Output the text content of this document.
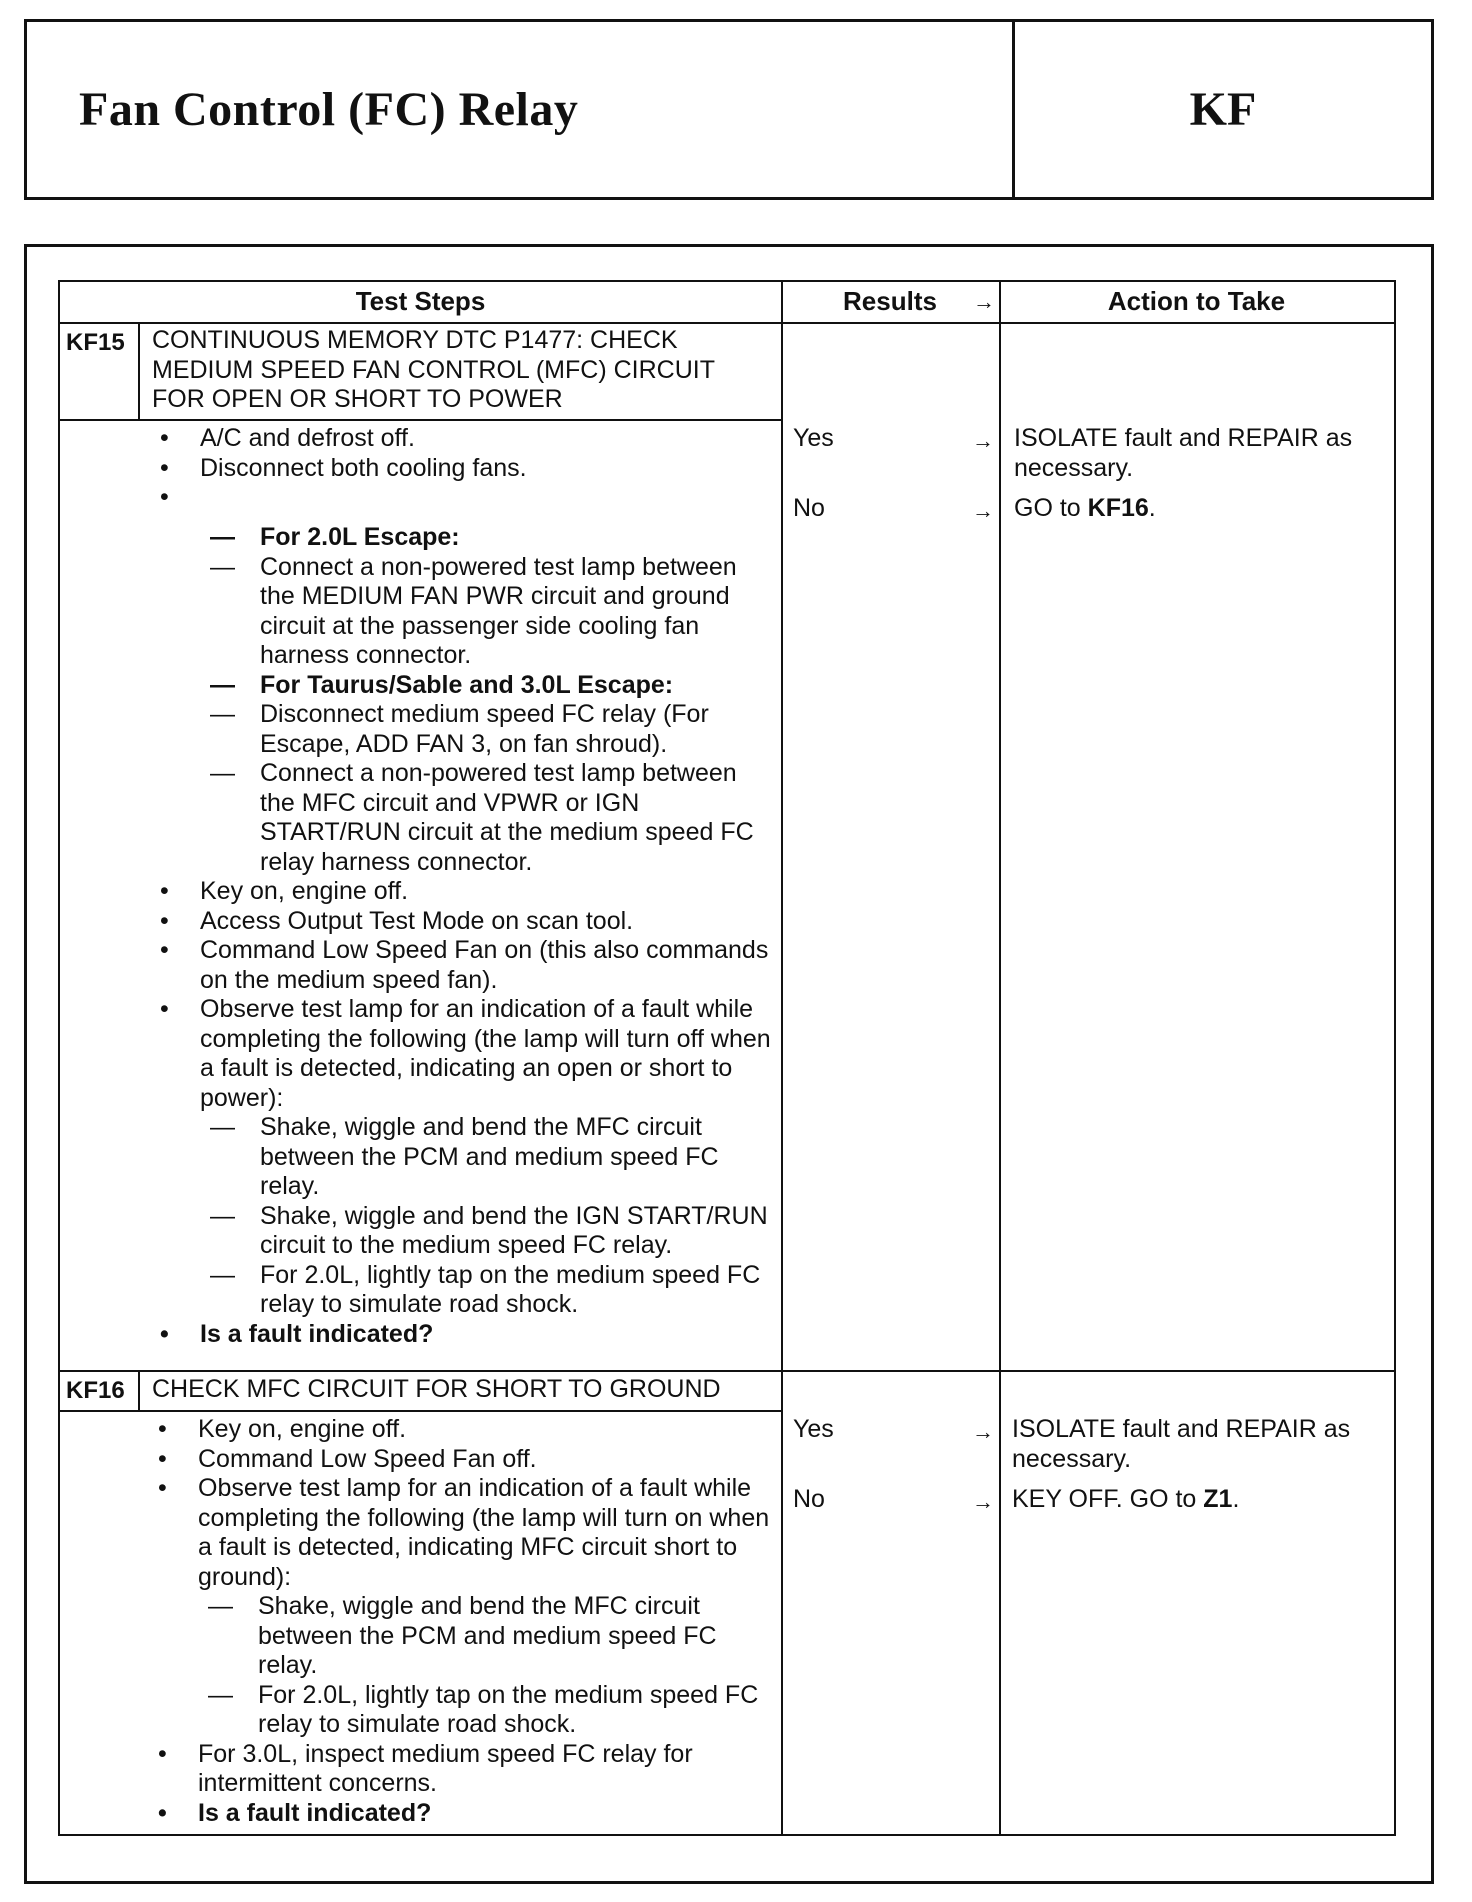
Fan Control (FC) Relay	KF
Test Steps	Results →	Action to Take
KF15 CONTINUOUS MEMORY DTC P1477: CHECK
MEDIUM SPEED FAN CONTROL (MFC) CIRCUIT
FOR OPEN OR SHORT TO POWER
• A/C and defrost off.
• Disconnect both cooling fans.
•
— For 2.0L Escape:
— Connect a non-powered test lamp between the MEDIUM FAN PWR circuit and ground circuit at the passenger side cooling fan harness connector.
— For Taurus/Sable and 3.0L Escape:
— Disconnect medium speed FC relay (For Escape, ADD FAN 3, on fan shroud).
— Connect a non-powered test lamp between the MFC circuit and VPWR or IGN START/RUN circuit at the medium speed FC relay harness connector.
• Key on, engine off.
• Access Output Test Mode on scan tool.
• Command Low Speed Fan on (this also commands on the medium speed fan).
• Observe test lamp for an indication of a fault while completing the following (the lamp will turn off when a fault is detected, indicating an open or short to power):
— Shake, wiggle and bend the MFC circuit between the PCM and medium speed FC relay.
— Shake, wiggle and bend the IGN START/RUN circuit to the medium speed FC relay.
— For 2.0L, lightly tap on the medium speed FC relay to simulate road shock.
• Is a fault indicated?
Yes	→ ISOLATE fault and REPAIR as necessary.
No	→ GO to KF16.
KF16 CHECK MFC CIRCUIT FOR SHORT TO GROUND
• Key on, engine off.
• Command Low Speed Fan off.
• Observe test lamp for an indication of a fault while completing the following (the lamp will turn on when a fault is detected, indicating MFC circuit short to ground):
— Shake, wiggle and bend the MFC circuit between the PCM and medium speed FC relay.
— For 2.0L, lightly tap on the medium speed FC relay to simulate road shock.
• For 3.0L, inspect medium speed FC relay for intermittent concerns.
• Is a fault indicated?
Yes	→ ISOLATE fault and REPAIR as necessary.
No	→ KEY OFF. GO to Z1.
